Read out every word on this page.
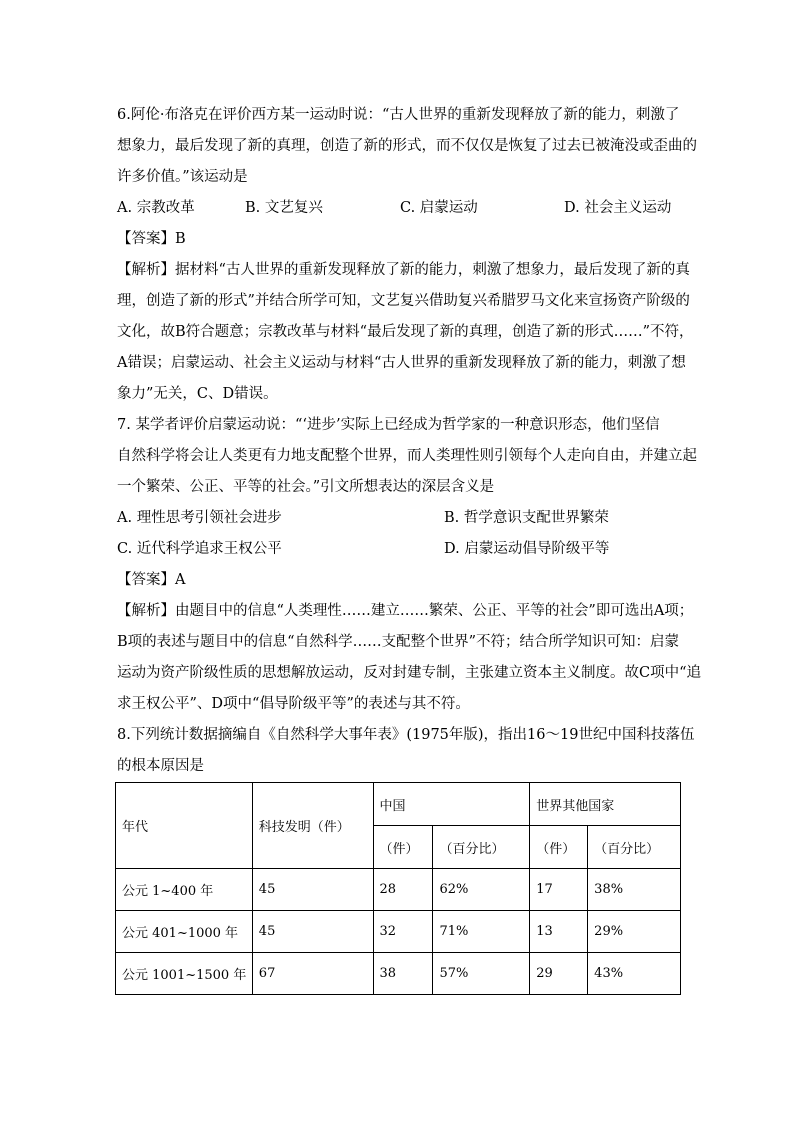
6.阿伦·布洛克在评价西方某一运动时说：“古人世界的重新发现释放了新的能力，刺激了
想象力，最后发现了新的真理，创造了新的形式，而不仅仅是恢复了过去已被淹没或歪曲的
许多价值。”该运动是
A. 宗教改革	B. 文艺复兴	C. 启蒙运动	D. 社会主义运动
【答案】B
【解析】据材料“古人世界的重新发现释放了新的能力，刺激了想象力，最后发现了新的真
理，创造了新的形式”并结合所学可知，文艺复兴借助复兴希腊罗马文化来宣扬资产阶级的
文化，故B符合题意；宗教改革与材料“最后发现了新的真理，创造了新的形式……”不符，
A错误；启蒙运动、社会主义运动与材料“古人世界的重新发现释放了新的能力，刺激了想
象力”无关，C、D错误。
7. 某学者评价启蒙运动说：“‘进步’实际上已经成为哲学家的一种意识形态，他们坚信
自然科学将会让人类更有力地支配整个世界，而人类理性则引领每个人走向自由，并建立起
一个繁荣、公正、平等的社会。”引文所想表达的深层含义是
A. 理性思考引领社会进步	B. 哲学意识支配世界繁荣
C. 近代科学追求王权公平	D. 启蒙运动倡导阶级平等
【答案】A
【解析】由题目中的信息“人类理性……建立……繁荣、公正、平等的社会”即可选出A项；
B项的表述与题目中的信息“自然科学……支配整个世界”不符；结合所学知识可知：启蒙
运动为资产阶级性质的思想解放运动，反对封建专制，主张建立资本主义制度。故C项中“追
求王权公平”、D项中“倡导阶级平等”的表述与其不符。
8.下列统计数据摘编自《自然科学大事年表》(1975年版)，指出16～19世纪中国科技落伍
的根本原因是
年代	科技发明（件）	中国		世界其他国家	
		（件）	（百分比）	（件）	（百分比）
公元 1~400 年	45	28	62%	17	38%
公元 401~1000 年	45	32	71%	13	29%
公元 1001~1500 年	67	38	57%	29	43%
